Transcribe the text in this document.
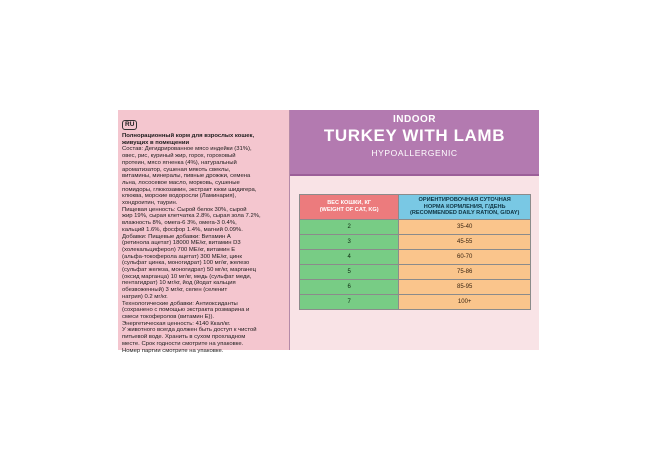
RU

Полнорационный корм для взрослых кошек,

живущих в помещении

Состав: Дегидрированное мясо индейки (31%),

овес, рис, куриный жир, горох, гороховый

протеин, мясо ягненка (4%), натуральный

ароматизатор, сушеная мякоть свеклы,

витамины, минералы, пивные дрожжи, семена

льна, лососевое масло, морковь, сушеные

помидоры, глюкозамин, экстракт юкки шидигера,

клюква, морские водоросли (Ламинария),

хондроитин, таурин.

Пищевая ценность: Сырой белок 30%, сырой

жир 19%, сырая клетчатка 2.8%, сырая зола 7.2%,

влажность 8%, омега-6 3%, омега-3 0.4%,

кальций 1.6%, фосфор 1.4%, магний 0.09%.

Добавки: Пищевые добавки: Витамин А

(ретинола ацетат) 18000 МЕ/кг, витамин D3

(холекальциферол) 700 МЕ/кг, витамин Е

(альфа-токоферола ацетат) 300 МЕ/кг, цинк

(сульфат цинка, моногидрат) 100 мг/кг, железо

(сульфат железа, моногидрат) 50 мг/кг, марганец

(оксид марганца) 10 мг/кг, медь (сульфат меди,

пентагидрат) 10 мг/кг, йод (йодат кальция

обезвоженный) 3 мг/кг, селен (селенит

натрия) 0.2 мг/кг.

Технологические добавки: Антиоксиданты

(сохранено с помощью экстракта розмарина и

смеси токоферолов (витамин Е)).

Энергетическая ценность: 4140 Ккал/кг.

У животного всегда должен быть доступ к чистой

питьевой воде. Хранить в сухом прохладном

месте. Срок годности смотрите на упаковке.

Номер партии смотрите на упаковке.

INDOOR
TURKEY WITH LAMB
HYPOALLERGENIC
ВЕС КОШКИ, КГ
(WEIGHT OF CAT, KG)	ОРИЕНТИРОВОЧНАЯ СУТОЧНАЯ
НОРМА КОРМЛЕНИЯ, Г/ДЕНЬ
(RECOMMENDED DAILY RATION, G/DAY)
2	35-40
3	45-55
4	60-70
5	75-86
6	85-95
7	100+
